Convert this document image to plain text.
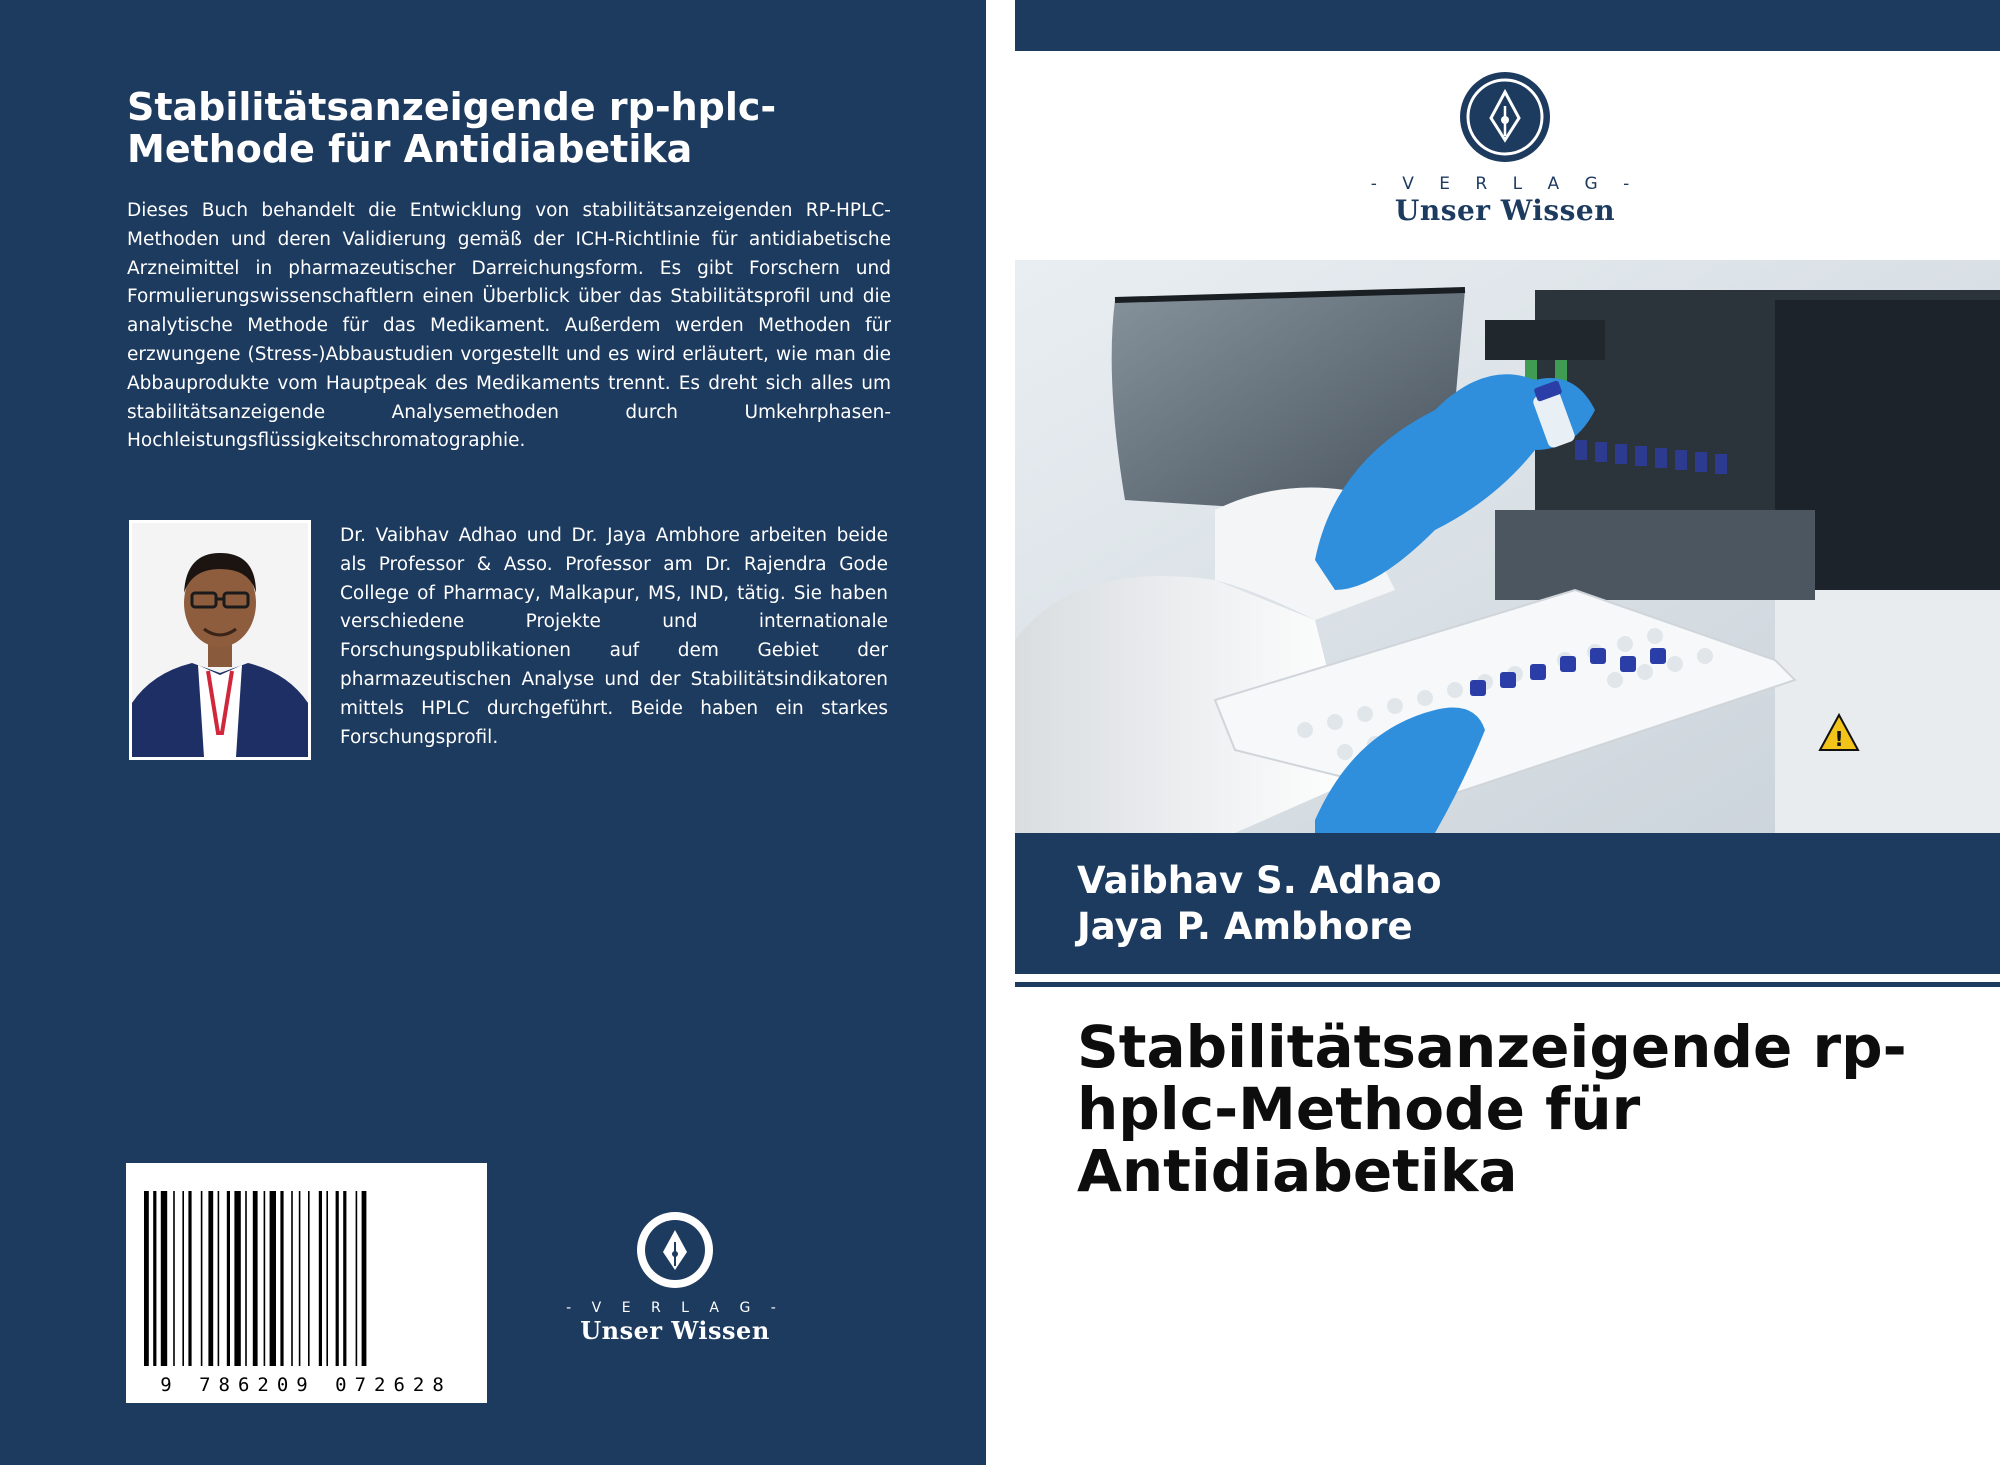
Stabilitätsanzeigende rp-hplc-
Methode für Antidiabetika

Dieses Buch behandelt die Entwicklung von stabilitätsanzeigenden RP-HPLC-Methoden und deren Validierung gemäß der ICH-Richtlinie für antidiabetische Arzneimittel in pharmazeutischer Darreichungsform. Es gibt Forschern und Formulierungswissenschaftlern einen Überblick über das Stabilitätsprofil und die analytische Methode für das Medikament. Außerdem werden Methoden für erzwungene (Stress-)Abbaustudien vorgestellt und es wird erläutert, wie man die Abbauprodukte vom Hauptpeak des Medikaments trennt. Es dreht sich alles um stabilitätsanzeigende Analysemethoden durch Umkehrphasen-Hochleistungsflüssigkeitschromatographie.

Dr. Vaibhav Adhao und Dr. Jaya Ambhore arbeiten beide als Professor & Asso. Professor am Dr. Rajendra Gode College of Pharmacy, Malkapur, MS, IND, tätig. Sie haben verschiedene Projekte und internationale Forschungspublikationen auf dem Gebiet der pharmazeutischen Analyse und der Stabilitätsindikatoren mittels HPLC durchgeführt. Beide haben ein starkes Forschungsprofil.

9 786209 072628
- V E R L A G -
Unser Wissen
- V E R L A G -
Unser Wissen
!
Vaibhav S. Adhao
Jaya P. Ambhore
Stabilitätsanzeigende rp-
hplc-Methode für
Antidiabetika
